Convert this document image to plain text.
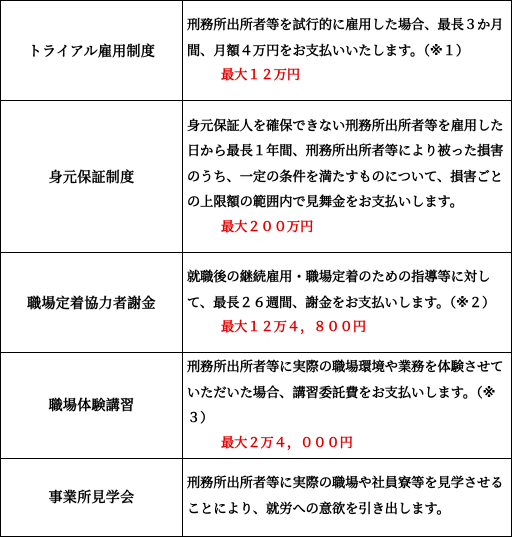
トライアル雇用制度	刑務所出所者等を試行的に雇用した場合、最長３か月間、月額４万円をお支払いいたします。（※１）
最大１２万円

身元保証制度	身元保証人を確保できない刑務所出所者等を雇用した日から最長１年間、刑務所出所者等により被った損害のうち、一定の条件を満たすものについて、損害ごとの上限額の範囲内で見舞金をお支払いします。
最大２００万円

職場定着協力者謝金	就職後の継続雇用・職場定着のための指導等に対して、最長２６週間、謝金をお支払いします。（※２）
最大１２万４，８００円

職場体験講習	刑務所出所者等に実際の職場環境や業務を体験させていただいた場合、講習委託費をお支払いします。（※３）
最大２万４，０００円

事業所見学会	刑務所出所者等に実際の職場や社員寮等を見学させることにより、就労への意欲を引き出します。
